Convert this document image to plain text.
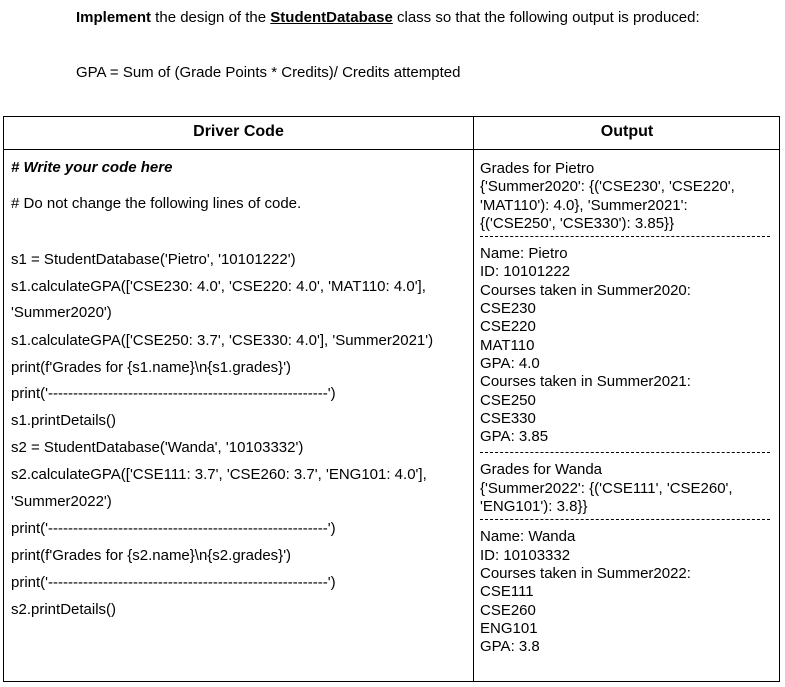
Implement the design of the StudentDatabase class so that the following output is produced:
GPA = Sum of (Grade Points * Credits)/ Credits attempted
Driver Code	Output
# Write your code here
# Do not change the following lines of code.
s1 = StudentDatabase('Pietro', '10101222')
s1.calculateGPA(['CSE230: 4.0', 'CSE220: 4.0', 'MAT110: 4.0'],
'Summer2020')
s1.calculateGPA(['CSE250: 3.7', 'CSE330: 4.0'], 'Summer2021')
print(f'Grades for {s1.name}\n{s1.grades}')
print('--------------------------------------------------------')
s1.printDetails()
s2 = StudentDatabase('Wanda', '10103332')
s2.calculateGPA(['CSE111: 3.7', 'CSE260: 3.7', 'ENG101: 4.0'],
'Summer2022')
print('--------------------------------------------------------')
print(f'Grades for {s2.name}\n{s2.grades}')
print('--------------------------------------------------------')
s2.printDetails()
Grades for Pietro
{'Summer2020': {('CSE230', 'CSE220',
'MAT110'): 4.0}, 'Summer2021':
{('CSE250', 'CSE330'): 3.85}}
Name: Pietro
ID: 10101222
Courses taken in Summer2020:
CSE230
CSE220
MAT110
GPA: 4.0
Courses taken in Summer2021:
CSE250
CSE330
GPA: 3.85
Grades for Wanda
{'Summer2022': {('CSE111', 'CSE260',
'ENG101'): 3.8}}
Name: Wanda
ID: 10103332
Courses taken in Summer2022:
CSE111
CSE260
ENG101
GPA: 3.8
